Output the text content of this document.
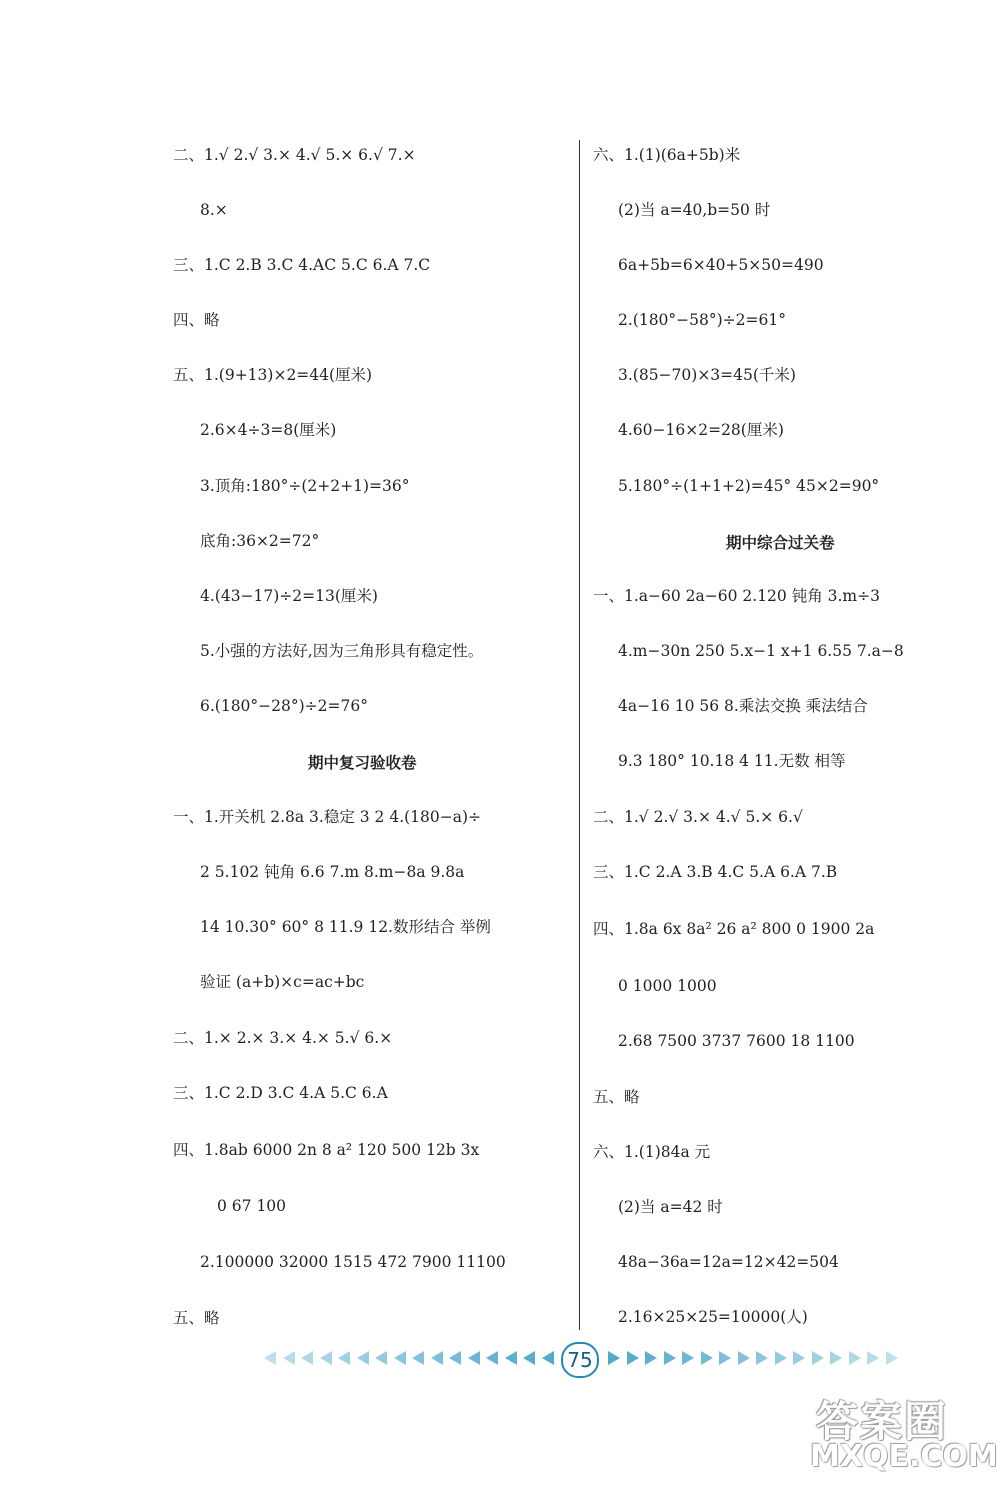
二、1.√ 2.√ 3.× 4.√ 5.× 6.√ 7.×
8.×
三、1.C 2.B 3.C 4.AC 5.C 6.A 7.C
四、略
五、1.(9+13)×2=44(厘米)
2.6×4÷3=8(厘米)
3.顶角:180°÷(2+2+1)=36°
底角:36×2=72°
4.(43−17)÷2=13(厘米)
5.小强的方法好,因为三角形具有稳定性。
6.(180°−28°)÷2=76°
期中复习验收卷
一、1.开关机 2.8a 3.稳定 3 2 4.(180−a)÷
2 5.102 钝角 6.6 7.m 8.m−8a 9.8a
14 10.30° 60° 8 11.9 12.数形结合 举例
验证 (a+b)×c=ac+bc
二、1.× 2.× 3.× 4.× 5.√ 6.×
三、1.C 2.D 3.C 4.A 5.C 6.A
四、1.8ab 6000 2n 8 a² 120 500 12b 3x
0 67 100
2.100000 32000 1515 472 7900 11100
五、略
六、1.(1)(6a+5b)米
(2)当 a=40,b=50 时
6a+5b=6×40+5×50=490
2.(180°−58°)÷2=61°
3.(85−70)×3=45(千米)
4.60−16×2=28(厘米)
5.180°÷(1+1+2)=45° 45×2=90°
期中综合过关卷
一、1.a−60 2a−60 2.120 钝角 3.m÷3
4.m−30n 250 5.x−1 x+1 6.55 7.a−8
4a−16 10 56 8.乘法交换 乘法结合
9.3 180° 10.18 4 11.无数 相等
二、1.√ 2.√ 3.× 4.√ 5.× 6.√
三、1.C 2.A 3.B 4.C 5.A 6.A 7.B
四、1.8a 6x 8a² 26 a² 800 0 1900 2a
0 1000 1000
2.68 7500 3737 7600 18 1100
五、略
六、1.(1)84a 元
(2)当 a=42 时
48a−36a=12a=12×42=504
2.16×25×25=10000(人)
75
答案圈
MXQE.COM
